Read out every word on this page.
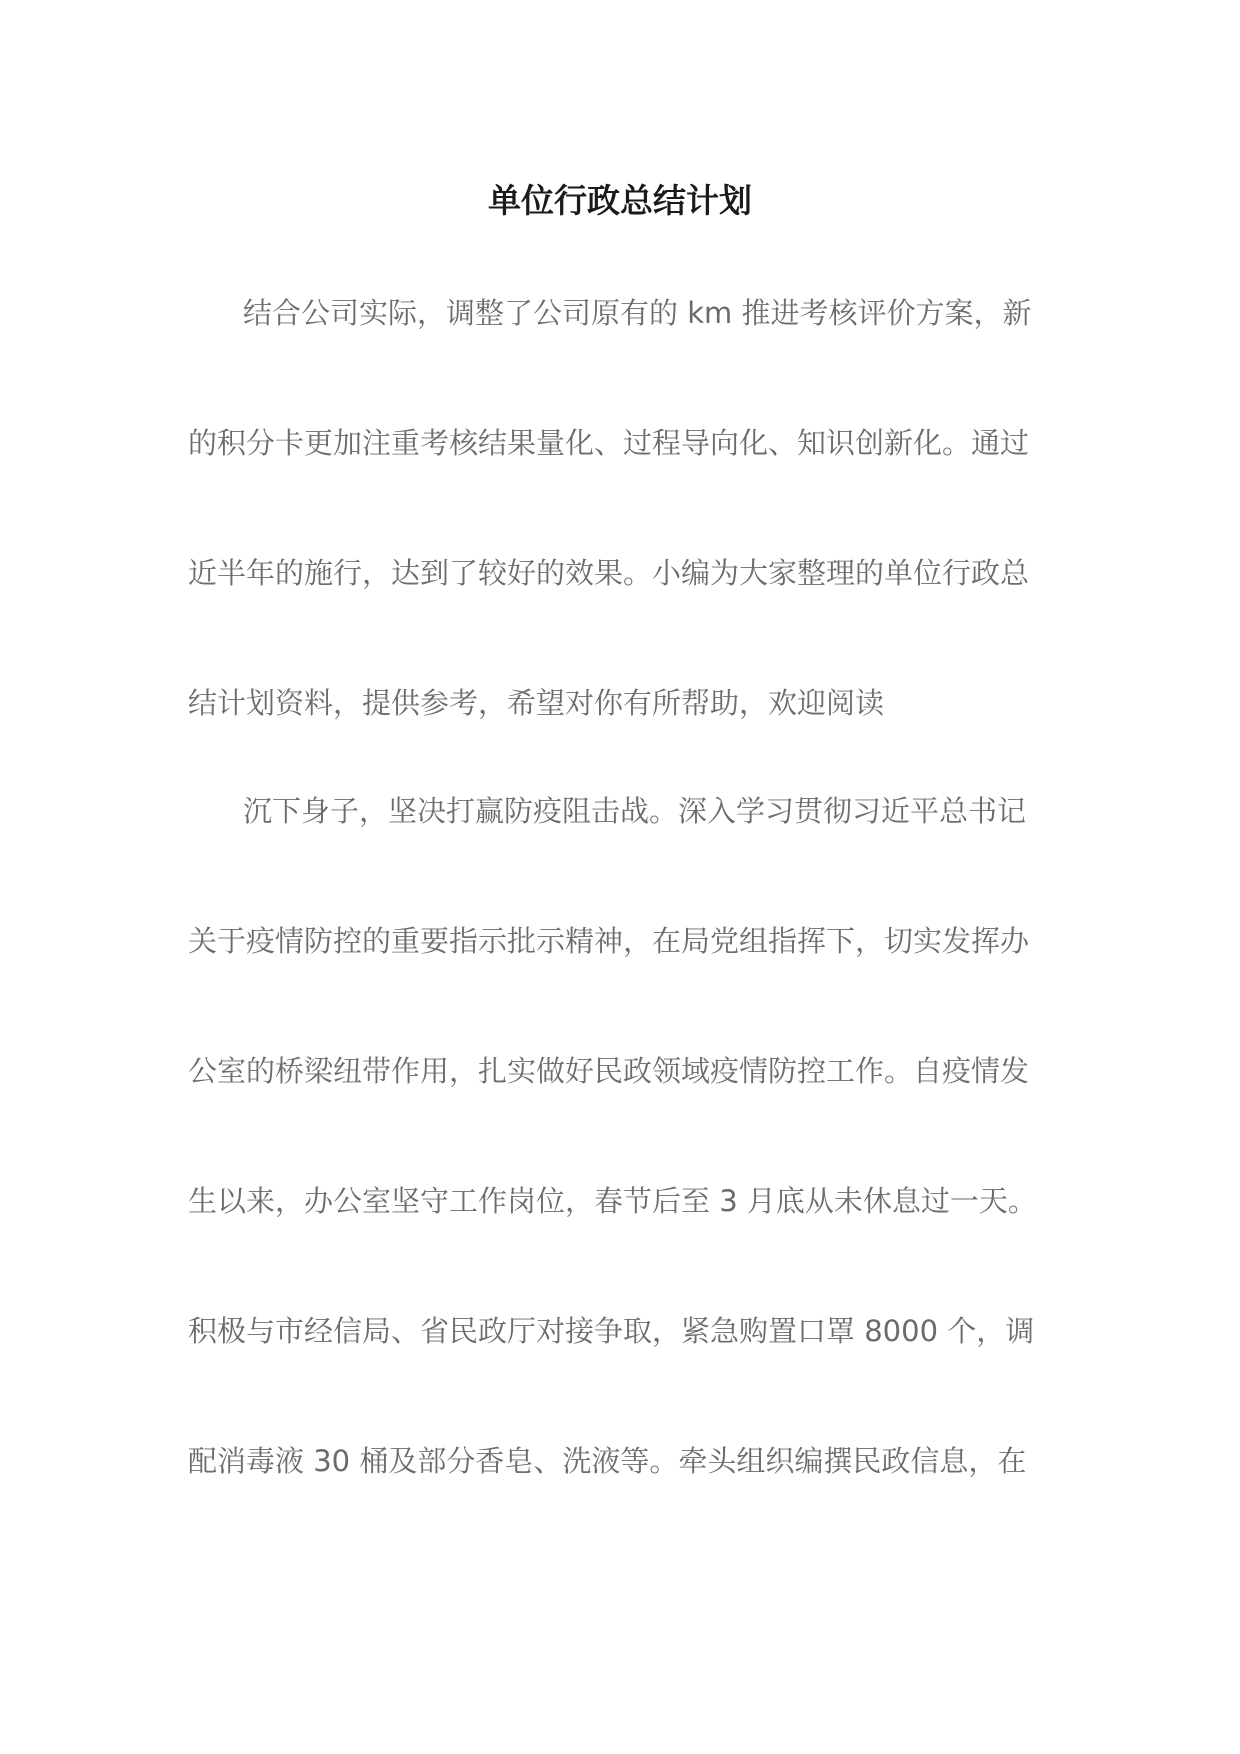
单位行政总结计划

结合公司实际，调整了公司原有的 km 推进考核评价方案，新

的积分卡更加注重考核结果量化、过程导向化、知识创新化。通过

近半年的施行，达到了较好的效果。小编为大家整理的单位行政总

结计划资料，提供参考，希望对你有所帮助，欢迎阅读

沉下身子，坚决打赢防疫阻击战。深入学习贯彻习近平总书记

关于疫情防控的重要指示批示精神，在局党组指挥下，切实发挥办

公室的桥梁纽带作用，扎实做好民政领域疫情防控工作。自疫情发

生以来，办公室坚守工作岗位，春节后至 3 月底从未休息过一天。

积极与市经信局、省民政厅对接争取，紧急购置口罩 8000 个，调

配消毒液 30 桶及部分香皂、洗液等。牵头组织编撰民政信息，在
